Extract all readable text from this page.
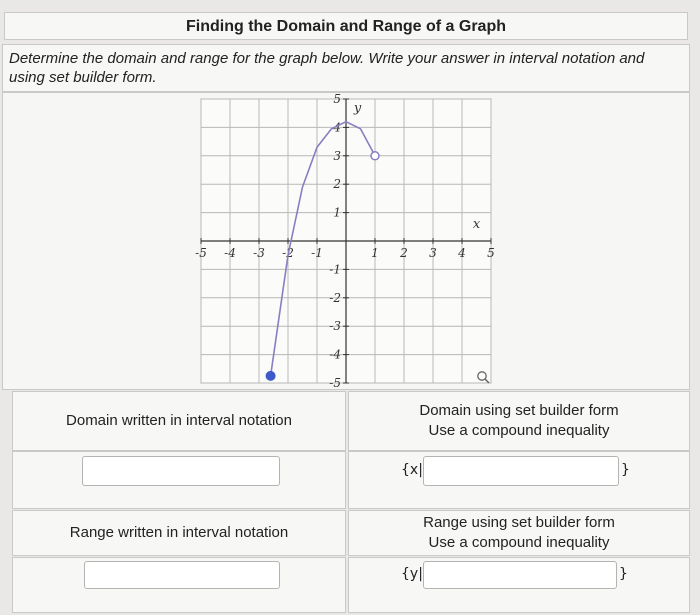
Finding the Domain and Range of a Graph
Determine the domain and range for the graph below. Write your answer in interval notation and using set builder form.
-5 -4 -3 -2 -1	1 2 3 4 5
5
4
3
2
1
-1
-2
-3
-4
-5
x
y
Domain written in interval notation
Domain using set builder form
Use a compound inequality
{x|	}
Range written in interval notation
Range using set builder form
Use a compound inequality
{y|	}
